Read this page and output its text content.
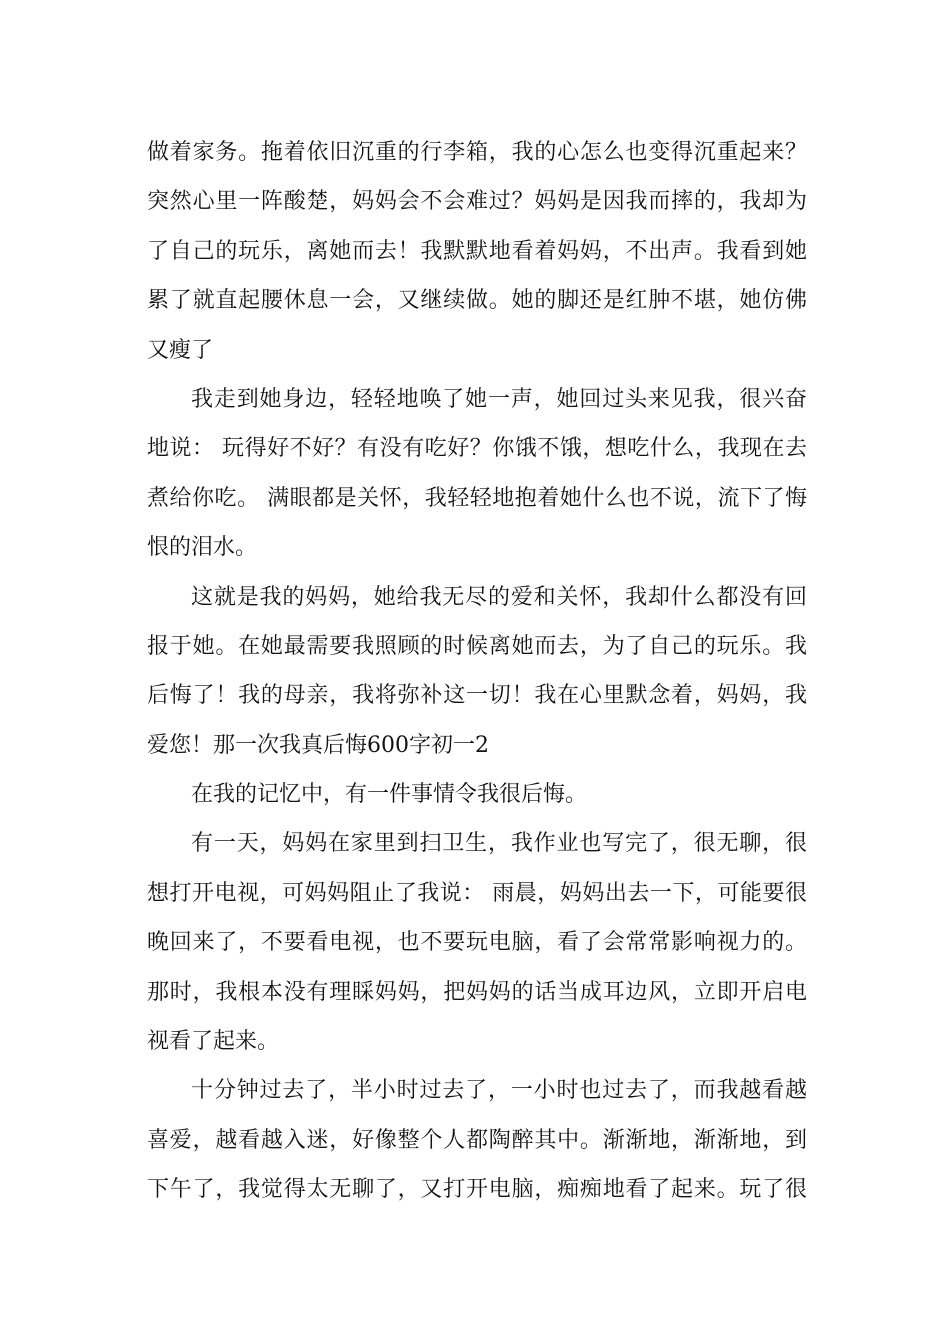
做着家务。拖着依旧沉重的行李箱，我的心怎么也变得沉重起来？
突然心里一阵酸楚，妈妈会不会难过？妈妈是因我而摔的，我却为
了自己的玩乐，离她而去！我默默地看着妈妈，不出声。我看到她
累了就直起腰休息一会，又继续做。她的脚还是红肿不堪，她仿佛
又瘦了
我走到她身边，轻轻地唤了她一声，她回过头来见我，很兴奋
地说： 玩得好不好？有没有吃好？你饿不饿，想吃什么，我现在去
煮给你吃。 满眼都是关怀，我轻轻地抱着她什么也不说，流下了悔
恨的泪水。
这就是我的妈妈，她给我无尽的爱和关怀，我却什么都没有回
报于她。在她最需要我照顾的时候离她而去，为了自己的玩乐。我
后悔了！我的母亲，我将弥补这一切！我在心里默念着，妈妈，我
爱您！那一次我真后悔600字初一2
在我的记忆中，有一件事情令我很后悔。
有一天，妈妈在家里到扫卫生，我作业也写完了，很无聊，很
想打开电视，可妈妈阻止了我说： 雨晨，妈妈出去一下，可能要很
晚回来了，不要看电视，也不要玩电脑，看了会常常影响视力的。
那时，我根本没有理睬妈妈，把妈妈的话当成耳边风，立即开启电
视看了起来。
十分钟过去了，半小时过去了，一小时也过去了，而我越看越
喜爱，越看越入迷，好像整个人都陶醉其中。渐渐地，渐渐地，到
下午了，我觉得太无聊了，又打开电脑，痴痴地看了起来。玩了很
